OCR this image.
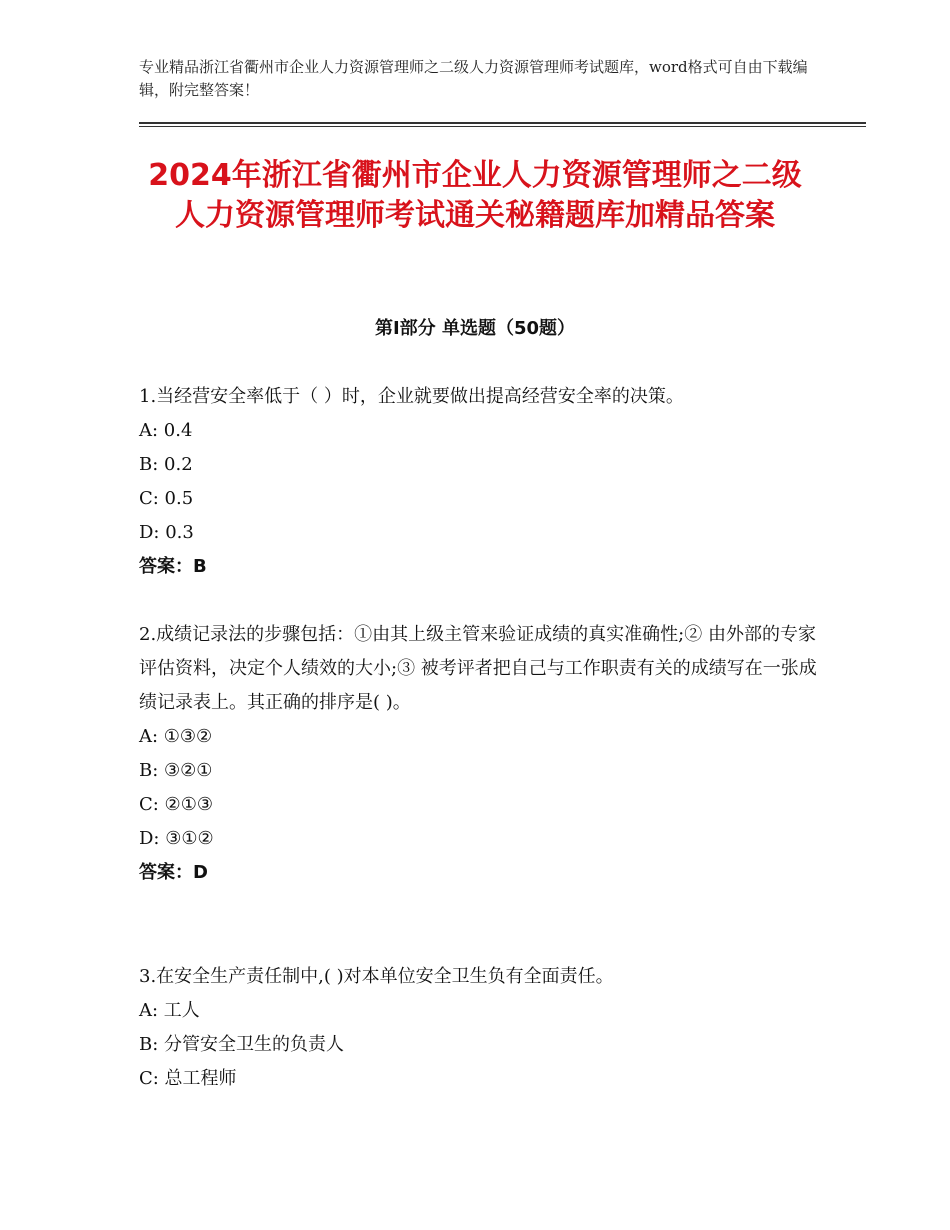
专业精品浙江省衢州市企业人力资源管理师之二级人力资源管理师考试题库，word格式可自由下载编辑，附完整答案！
2024年浙江省衢州市企业人力资源管理师之二级人力资源管理师考试通关秘籍题库加精品答案
第Ⅰ部分 单选题（50题）

1.当经营安全率低于（ ）时，企业就要做出提高经营安全率的决策。

A: 0.4
B: 0.2
C: 0.5
D: 0.3
答案：B

2.成绩记录法的步骤包括：①由其上级主管来验证成绩的真实准确性;② 由外部的专家评估资料，决定个人绩效的大小;③ 被考评者把自己与工作职责有关的成绩写在一张成绩记录表上。其正确的排序是( )。

A: ①③②
B: ③②①
C: ②①③
D: ③①②
答案：D

3.在安全生产责任制中,( )对本单位安全卫生负有全面责任。

A: 工人
B: 分管安全卫生的负责人
C: 总工程师
